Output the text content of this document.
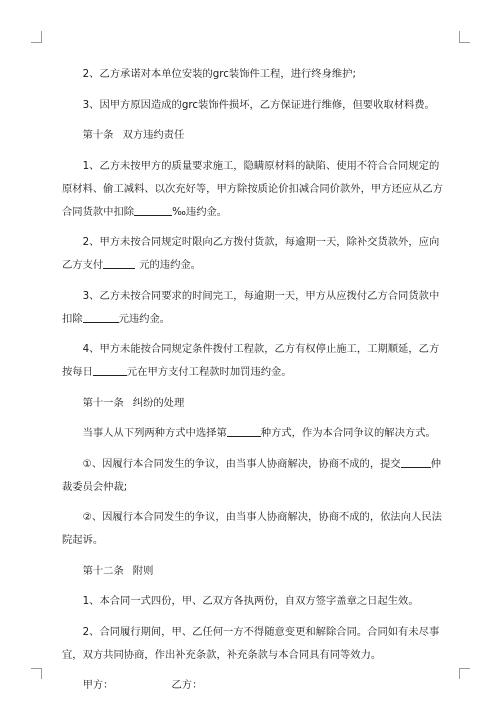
2、乙方承诺对本单位安装的grc装饰件工程，进行终身维护;

3、因甲方原因造成的grc装饰件损坏，乙方保证进行维修，但要收取材料费。

第十条 双方违约责任

1、乙方未按甲方的质量要求施工，隐瞒原材料的缺陷、使用不符合合同规定的
原材料、偷工减料、以次充好等，甲方除按质论价扣减合同价款外，甲方还应从乙方
合同货款中扣除	‰违约金。

2、甲方未按合同规定时限向乙方拨付货款，每逾期一天，除补交货款外，应向
乙方支付	元的违约金。

3、乙方未按合同要求的时间完工，每逾期一天，甲方从应拨付乙方合同货款中
扣除	元违约金。

4、甲方未能按合同规定条件拨付工程款，乙方有权停止施工，工期顺延，乙方
按每日	元在甲方支付工程款时加罚违约金。

第十一条 纠纷的处理

当事人从下列两种方式中选择第	种方式，作为本合同争议的解决方式。

①、因履行本合同发生的争议，由当事人协商解决，协商不成的，提交	仲
裁委员会仲裁;

②、因履行本合同发生的争议，由当事人协商解决，协商不成的，依法向人民法
院起诉。

第十二条 附则

1、本合同一式四份，甲、乙双方各执两份，自双方签字盖章之日起生效。

2、合同履行期间，甲、乙任何一方不得随意变更和解除合同。合同如有未尽事
宜，双方共同协商，作出补充条款，补充条款与本合同具有同等效力。

甲方：	乙方：
